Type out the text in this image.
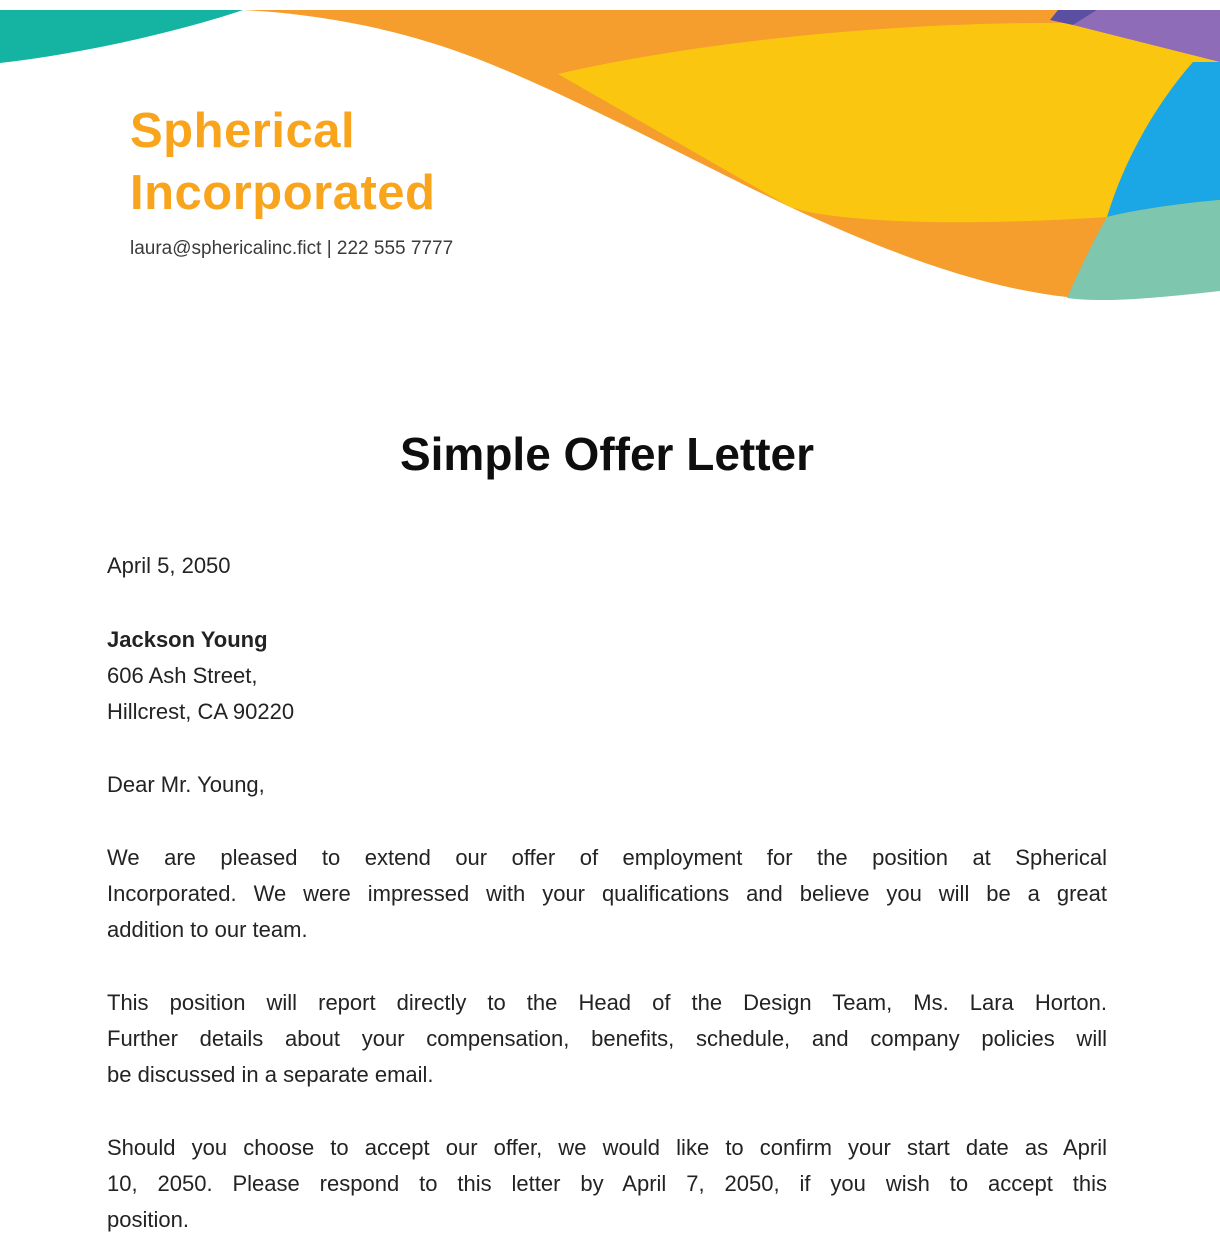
Spherical
Incorporated

laura@sphericalinc.fict | 222 555 7777

Simple Offer Letter
April 5, 2050
Jackson Young
606 Ash Street,
Hillcrest, CA 90220
Dear Mr. Young,
We are pleased to extend our offer of employment for the position at Spherical
Incorporated. We were impressed with your qualifications and believe you will be a great
addition to our team.
This position will report directly to the Head of the Design Team, Ms. Lara Horton.
Further details about your compensation, benefits, schedule, and company policies will
be discussed in a separate email.
Should you choose to accept our offer, we would like to confirm your start date as April
10, 2050. Please respond to this letter by April 7, 2050, if you wish to accept this
position.
